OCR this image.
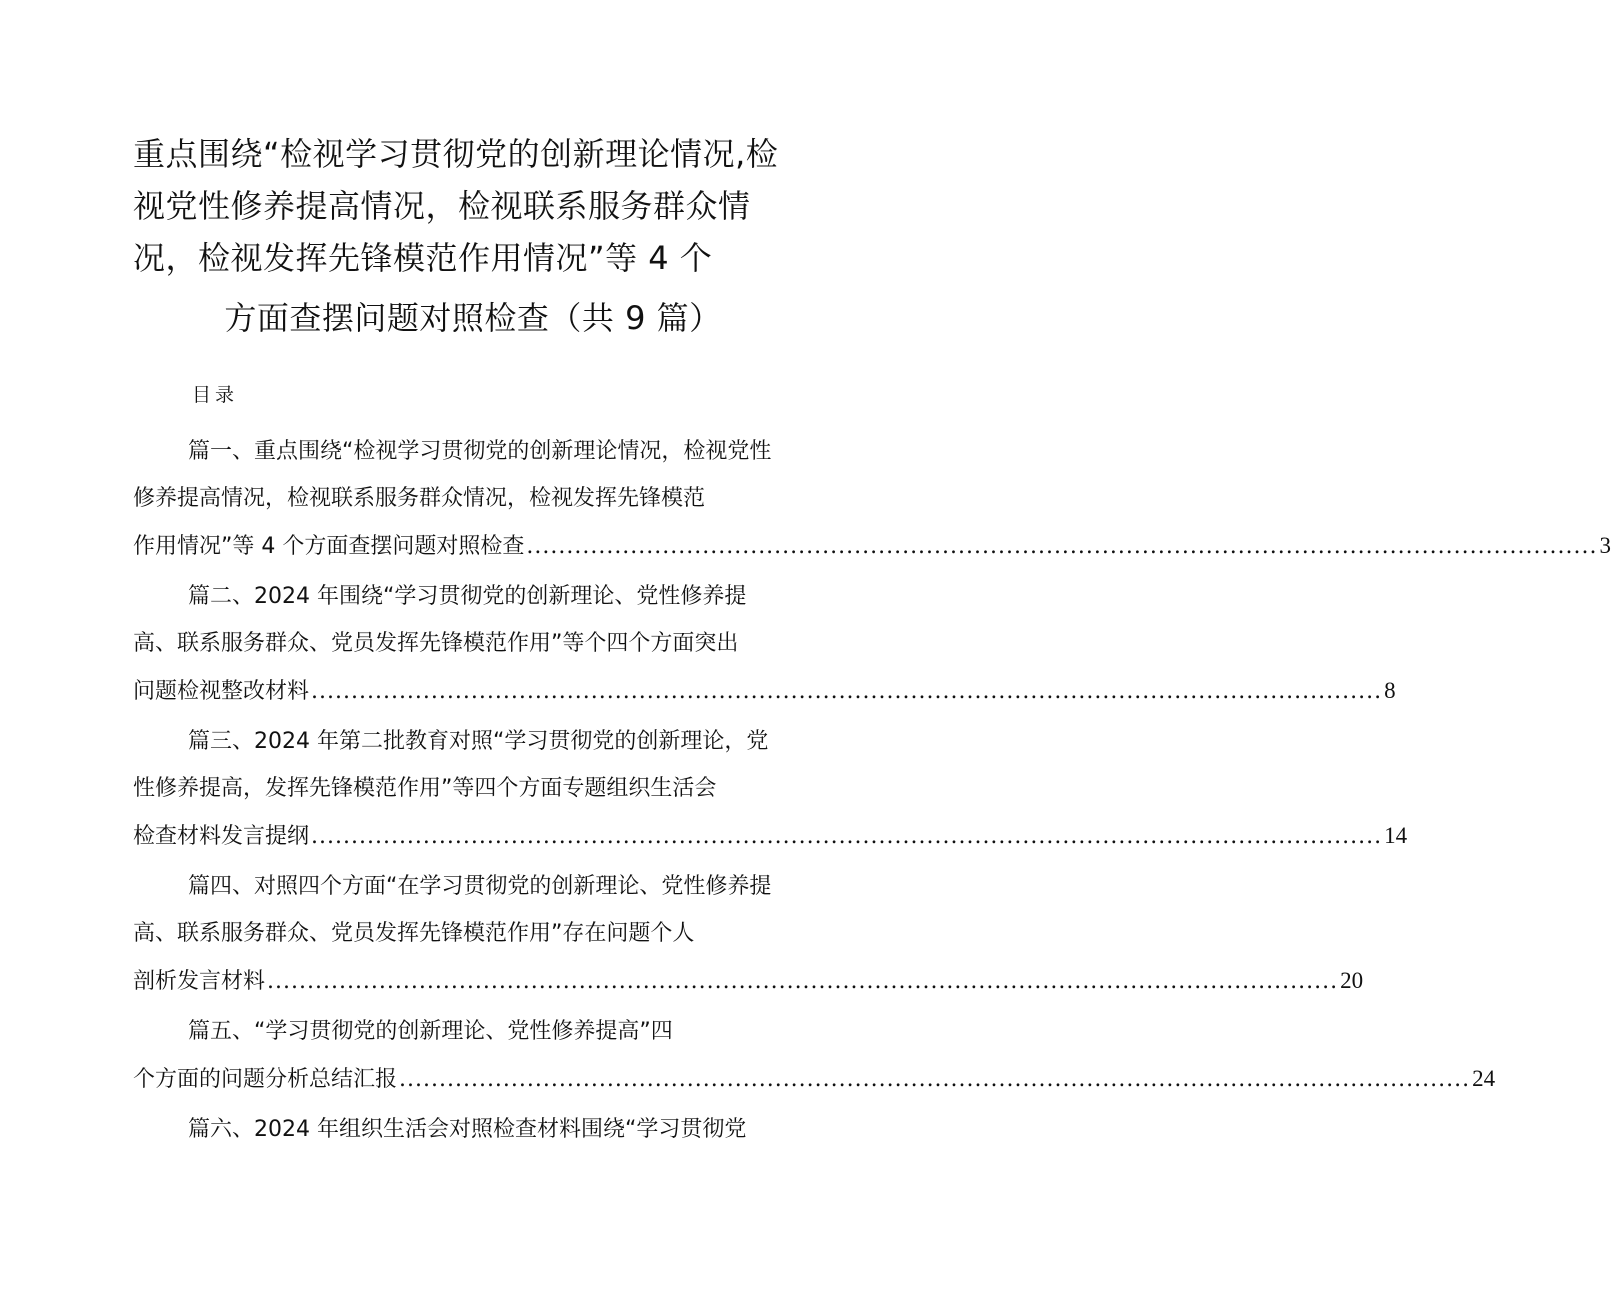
重点围绕“检视学习贯彻党的创新理论情况,检
视党性修养提高情况，检视联系服务群众情
况，检视发挥先锋模范作用情况”等 4 个
方面查摆问题对照检查（共 9 篇）
目录
篇一、重点围绕“检视学习贯彻党的创新理论情况，检视党性修养提高情况，检视联系服务群众情况，检视发挥先锋模范
作用情况”等 4 个方面查摆问题对照检查 ...................................................................................................................................... 3
篇二、2024 年围绕“学习贯彻党的创新理论、党性修养提高、联系服务群众、党员发挥先锋模范作用”等个四个方面突出
问题检视整改材料 ...................................................................................................................................... 8
篇三、2024 年第二批教育对照“学习贯彻党的创新理论，党性修养提高，发挥先锋模范作用”等四个方面专题组织生活会
检查材料发言提纲 ...................................................................................................................................... 14
篇四、对照四个方面“在学习贯彻党的创新理论、党性修养提高、联系服务群众、党员发挥先锋模范作用”存在问题个人
剖析发言材料 ...................................................................................................................................... 20
篇五、“学习贯彻党的创新理论、党性修养提高”四
个方面的问题分析总结汇报 ...................................................................................................................................... 24
篇六、2024 年组织生活会对照检查材料围绕“学习贯彻党
